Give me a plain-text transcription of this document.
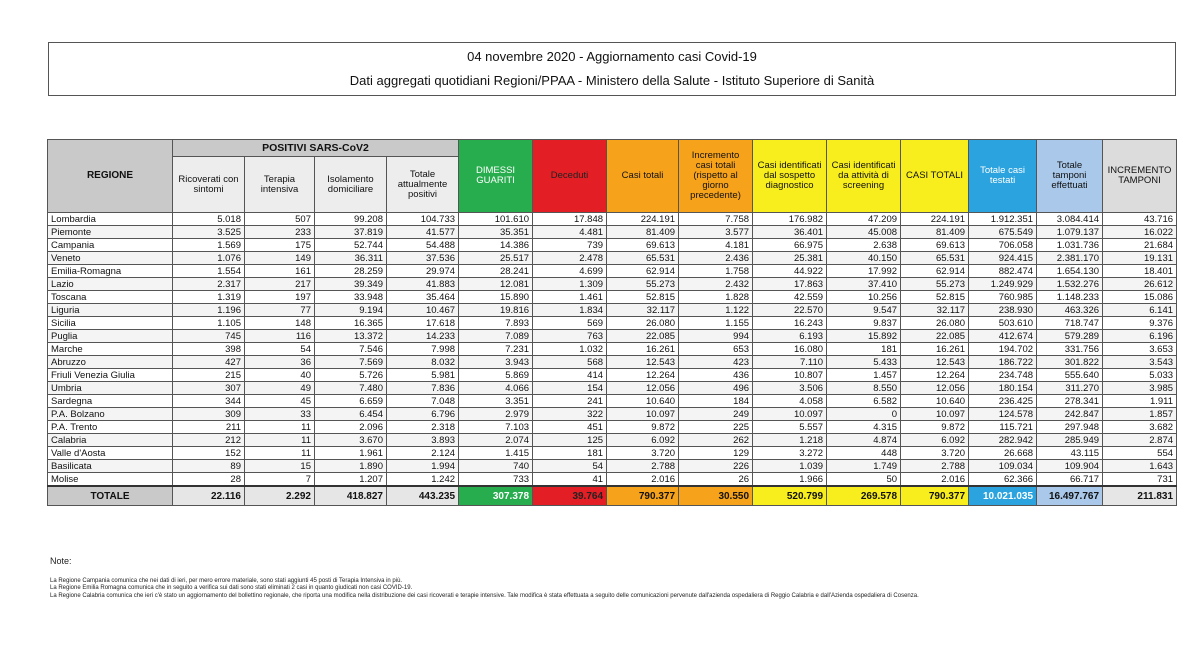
04 novembre 2020 - Aggiornamento casi Covid-19
Dati aggregati quotidiani Regioni/PPAA - Ministero della Salute - Istituto Superiore di Sanità
REGIONE	POSITIVI SARS-CoV2				DIMESSI GUARITI	Deceduti	Casi totali	Incremento casi totali (rispetto al giorno precedente)	Casi identificati dal sospetto diagnostico	Casi identificati da attività di screening	CASI TOTALI	Totale casi testati	Totale tamponi effettuati	INCREMENTO TAMPONI
	Ricoverati con sintomi	Terapia intensiva	Isolamento domiciliare	Totale attualmente positivi										
Lombardia	5.018	507	99.208	104.733	101.610	17.848	224.191	7.758	176.982	47.209	224.191	1.912.351	3.084.414	43.716
Piemonte	3.525	233	37.819	41.577	35.351	4.481	81.409	3.577	36.401	45.008	81.409	675.549	1.079.137	16.022
Campania	1.569	175	52.744	54.488	14.386	739	69.613	4.181	66.975	2.638	69.613	706.058	1.031.736	21.684
Veneto	1.076	149	36.311	37.536	25.517	2.478	65.531	2.436	25.381	40.150	65.531	924.415	2.381.170	19.131
Emilia-Romagna	1.554	161	28.259	29.974	28.241	4.699	62.914	1.758	44.922	17.992	62.914	882.474	1.654.130	18.401
Lazio	2.317	217	39.349	41.883	12.081	1.309	55.273	2.432	17.863	37.410	55.273	1.249.929	1.532.276	26.612
Toscana	1.319	197	33.948	35.464	15.890	1.461	52.815	1.828	42.559	10.256	52.815	760.985	1.148.233	15.086
Liguria	1.196	77	9.194	10.467	19.816	1.834	32.117	1.122	22.570	9.547	32.117	238.930	463.326	6.141
Sicilia	1.105	148	16.365	17.618	7.893	569	26.080	1.155	16.243	9.837	26.080	503.610	718.747	9.376
Puglia	745	116	13.372	14.233	7.089	763	22.085	994	6.193	15.892	22.085	412.674	579.289	6.196
Marche	398	54	7.546	7.998	7.231	1.032	16.261	653	16.080	181	16.261	194.702	331.756	3.653
Abruzzo	427	36	7.569	8.032	3.943	568	12.543	423	7.110	5.433	12.543	186.722	301.822	3.543
Friuli Venezia Giulia	215	40	5.726	5.981	5.869	414	12.264	436	10.807	1.457	12.264	234.748	555.640	5.033
Umbria	307	49	7.480	7.836	4.066	154	12.056	496	3.506	8.550	12.056	180.154	311.270	3.985
Sardegna	344	45	6.659	7.048	3.351	241	10.640	184	4.058	6.582	10.640	236.425	278.341	1.911
P.A. Bolzano	309	33	6.454	6.796	2.979	322	10.097	249	10.097	0	10.097	124.578	242.847	1.857
P.A. Trento	211	11	2.096	2.318	7.103	451	9.872	225	5.557	4.315	9.872	115.721	297.948	3.682
Calabria	212	11	3.670	3.893	2.074	125	6.092	262	1.218	4.874	6.092	282.942	285.949	2.874
Valle d'Aosta	152	11	1.961	2.124	1.415	181	3.720	129	3.272	448	3.720	26.668	43.115	554
Basilicata	89	15	1.890	1.994	740	54	2.788	226	1.039	1.749	2.788	109.034	109.904	1.643
Molise	28	7	1.207	1.242	733	41	2.016	26	1.966	50	2.016	62.366	66.717	731
TOTALE	22.116	2.292	418.827	443.235	307.378	39.764	790.377	30.550	520.799	269.578	790.377	10.021.035	16.497.767	211.831
Note:

La Regione Campania comunica che nei dati di ieri, per mero errore materiale, sono stati aggiunti 45 posti di Terapia Intensiva in più.

La Regione Emilia Romagna comunica che in seguito a verifica sui dati sono stati eliminati 2 casi in quanto giudicati non casi COVID-19.

La Regione Calabria comunica che ieri c'è stato un aggiornamento del bollettino regionale, che riporta una modifica nella distribuzione dei casi ricoverati e terapie intensive. Tale modifica è stata effettuata a seguito delle comunicazioni pervenute dall'azienda ospedaliera di Reggio Calabria e dall'Azienda ospedaliera di Cosenza.
